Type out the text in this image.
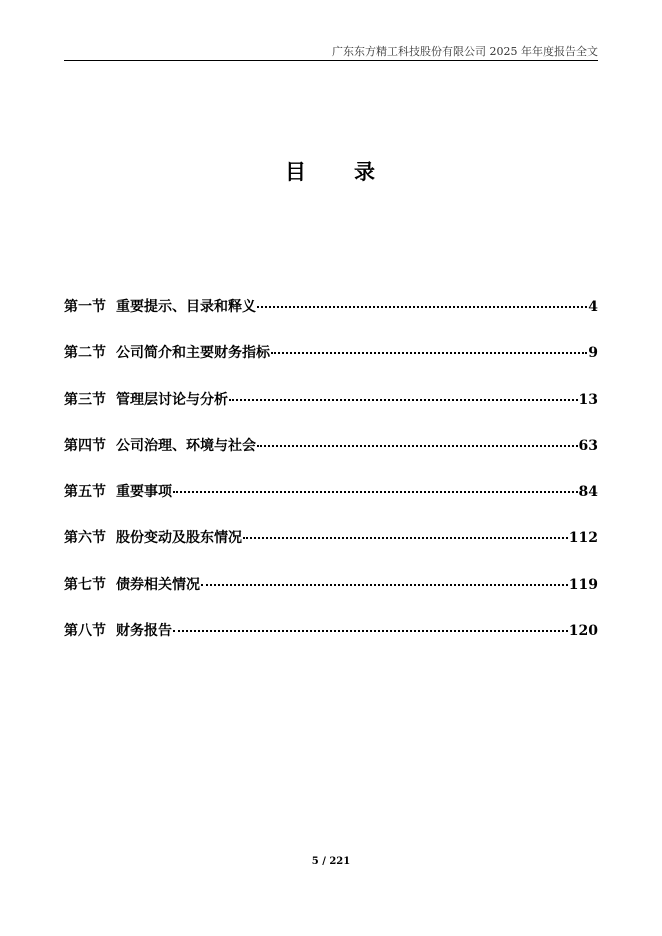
广东东方精工科技股份有限公司 2025 年年度报告全文
目 录
第一节 重要提示、目录和释义	4
第二节 公司简介和主要财务指标	9
第三节 管理层讨论与分析	13
第四节 公司治理、环境与社会	63
第五节 重要事项	84
第六节 股份变动及股东情况	112
第七节 债券相关情况	119
第八节 财务报告	120
5 / 221
